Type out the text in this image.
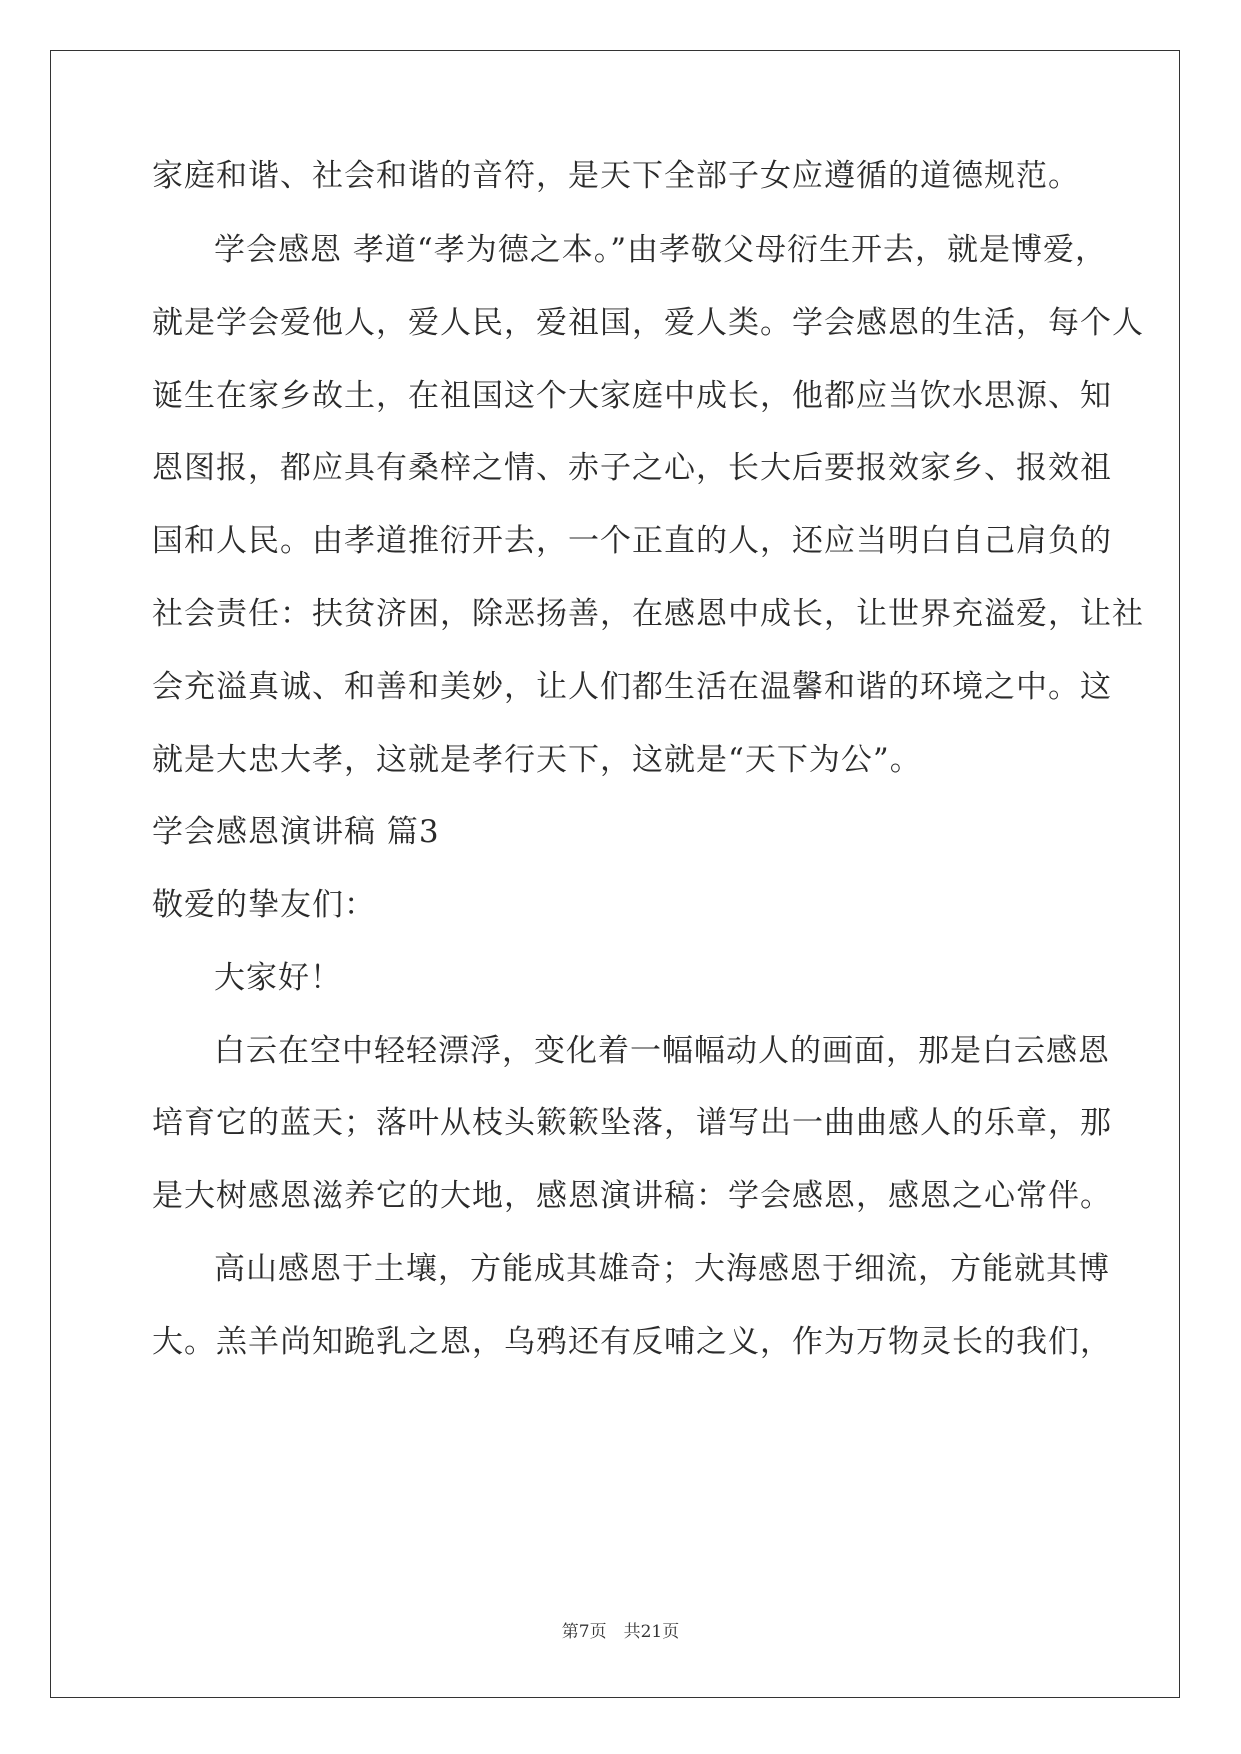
家庭和谐、社会和谐的音符，是天下全部子女应遵循的道德规范。
学会感恩 孝道“孝为德之本。”由孝敬父母衍生开去，就是博爱，
就是学会爱他人，爱人民，爱祖国，爱人类。学会感恩的生活，每个人
诞生在家乡故土，在祖国这个大家庭中成长，他都应当饮水思源、知
恩图报，都应具有桑梓之情、赤子之心，长大后要报效家乡、报效祖
国和人民。由孝道推衍开去，一个正直的人，还应当明白自己肩负的
社会责任：扶贫济困，除恶扬善，在感恩中成长，让世界充溢爱，让社
会充溢真诚、和善和美妙，让人们都生活在温馨和谐的环境之中。这
就是大忠大孝，这就是孝行天下，这就是“天下为公”。
学会感恩演讲稿 篇3
敬爱的挚友们：
大家好！
白云在空中轻轻漂浮，变化着一幅幅动人的画面，那是白云感恩
培育它的蓝天；落叶从枝头簌簌坠落，谱写出一曲曲感人的乐章，那
是大树感恩滋养它的大地，感恩演讲稿：学会感恩，感恩之心常伴。
高山感恩于土壤，方能成其雄奇；大海感恩于细流，方能就其博
大。羔羊尚知跪乳之恩，乌鸦还有反哺之义，作为万物灵长的我们，
第7页　共21页
